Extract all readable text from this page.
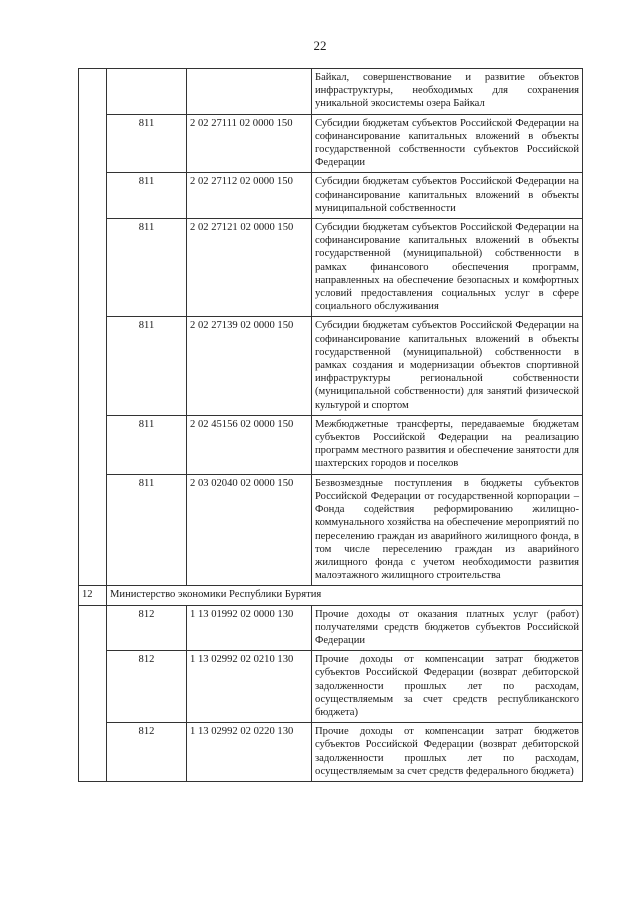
22
			Байкал, совершенствование и развитие объектов инфраструктуры, необходимых для сохранения уникальной экосистемы озера Байкал
	811	2 02 27111 02 0000 150	Субсидии бюджетам субъектов Российской Федерации на софинансирование капитальных вложений в объекты государственной собственности субъектов Российской Федерации
	811	2 02 27112 02 0000 150	Субсидии бюджетам субъектов Российской Федерации на софинансирование капитальных вложений в объекты муниципальной собственности
	811	2 02 27121 02 0000 150	Субсидии бюджетам субъектов Российской Федерации на софинансирование капитальных вложений в объекты государственной (муниципальной) собственности в рамках финансового обеспечения программ, направленных на обеспечение безопасных и комфортных условий предоставления социальных услуг в сфере социального обслуживания
	811	2 02 27139 02 0000 150	Субсидии бюджетам субъектов Российской Федерации на софинансирование капитальных вложений в объекты государственной (муниципальной) собственности в рамках создания и модернизации объектов спортивной инфраструктуры региональной собственности (муниципальной собственности) для занятий физической культурой и спортом
	811	2 02 45156 02 0000 150	Межбюджетные трансферты, передаваемые бюджетам субъектов Российской Федерации на реализацию программ местного развития и обеспечение занятости для шахтерских городов и поселков
	811	2 03 02040 02 0000 150	Безвозмездные поступления в бюджеты субъектов Российской Федерации от государственной корпорации – Фонда содействия реформированию жилищно-коммунального хозяйства на обеспечение мероприятий по переселению граждан из аварийного жилищного фонда, в том числе переселению граждан из аварийного жилищного фонда с учетом необходимости развития малоэтажного жилищного строительства
12	Министерство экономики Республики Бурятия		
	812	1 13 01992 02 0000 130	Прочие доходы от оказания платных услуг (работ) получателями средств бюджетов субъектов Российской Федерации
	812	1 13 02992 02 0210 130	Прочие доходы от компенсации затрат бюджетов субъектов Российской Федерации (возврат дебиторской задолженности прошлых лет по расходам, осуществляемым за счет средств республиканского бюджета)
	812	1 13 02992 02 0220 130	Прочие доходы от компенсации затрат бюджетов субъектов Российской Федерации (возврат дебиторской задолженности прошлых лет по расходам, осуществляемым за счет средств федерального бюджета)
